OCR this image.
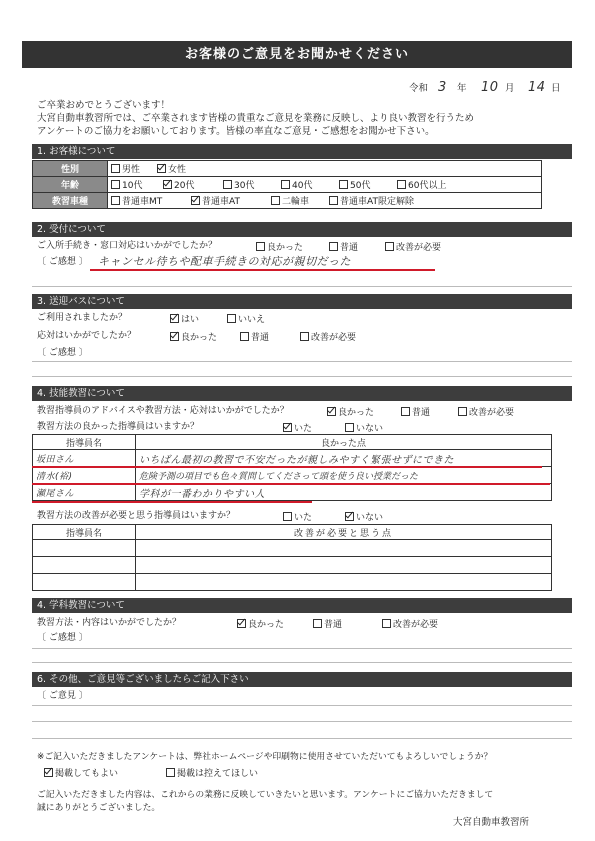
お客様のご意見をお聞かせください
令和 3 年 10 月 14 日
ご卒業おめでとうございます！
大宮自動車教習所では、ご卒業されます皆様の貴重なご意見を業務に反映し、より良い教習を行うため
アンケートのご協力をお願いしております。皆様の率直なご意見・ご感想をお聞かせ下さい。
1. お客様について
性別	男性	女性
年齢	10代 20代 30代 40代 50代 60代以上	
教習車種	普通車MT 普通車AT 二輪車 普通車AT限定解除	
2. 受付について
ご入所手続き・窓口対応はいかがでしたか？	良かった	普通	改善が必要
〔 ご感想 〕 キャンセル待ちや配車手続きの対応が親切だった
3. 送迎バスについて
ご利用されましたか？	はい	いいえ
応対はいかがでしたか？	良かった	普通	改善が必要
〔 ご感想 〕
4. 技能教習について
教習指導員のアドバイスや教習方法・応対はいかがでしたか？	良かった	普通	改善が必要
教習方法の良かった指導員はいますか？	いた	いない
指導員名	良かった点
坂田さん	いちばん最初の教習で不安だったが親しみやすく緊張せずにできた
清水(裕)	危険予測の項目でも色々質問してくださって頭を使う良い授業だった
瀬尾さん	学科が一番わかりやすい人
教習方法の改善が必要と思う指導員はいますか？	いた	いない
指導員名	改善が必要と思う点

4. 学科教習について
教習方法・内容はいかがでしたか？	良かった	普通	改善が必要
〔 ご感想 〕
6. その他、ご意見等ございましたらご記入下さい
〔 ご意見 〕
※ご記入いただきましたアンケートは、弊社ホームページや印刷物に使用させていただいてもよろしいでしょうか？
掲載してもよい	掲載は控えてほしい
ご記入いただきました内容は、これからの業務に反映していきたいと思います。アンケートにご協力いただきまして
誠にありがとうございました。
大宮自動車教習所
